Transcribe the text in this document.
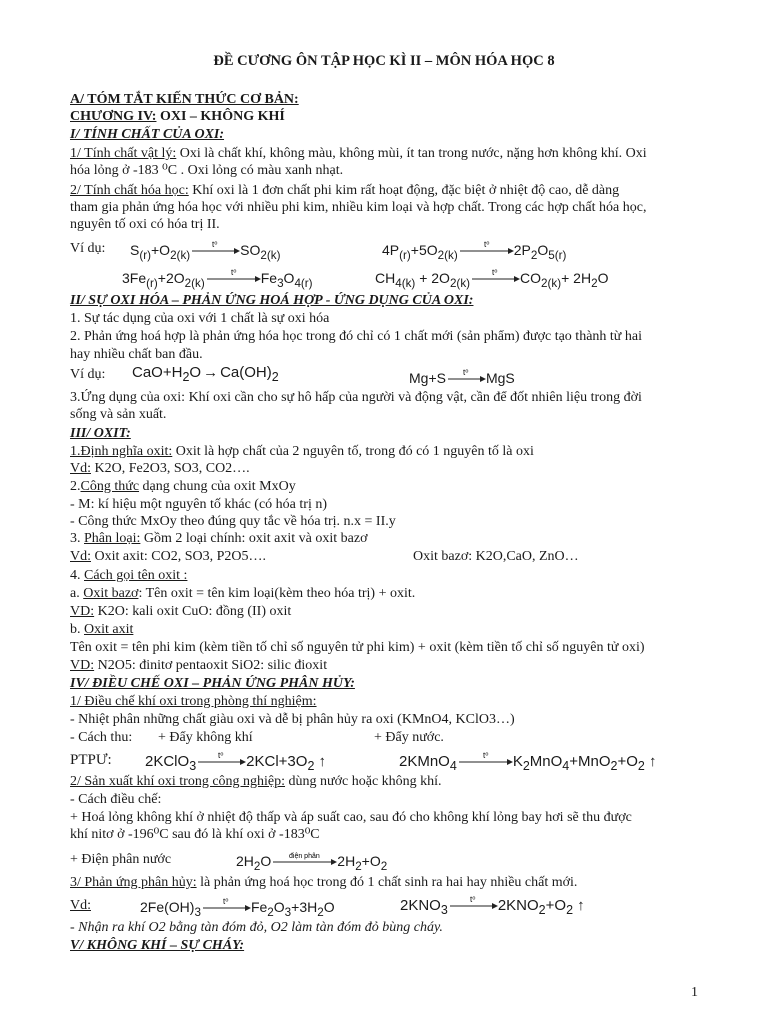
ĐỀ CƯƠNG ÔN TẬP HỌC KÌ II – MÔN HÓA HỌC 8
A/ TÓM TẮT KIẾN THỨC CƠ BẢN:
CHƯƠNG IV: OXI – KHÔNG KHÍ
I/ TÍNH CHẤT CỦA OXI:
1/ Tính chất vật lý: Oxi là chất khí, không màu, không mùi, ít tan trong nước, nặng hơn không khí. Oxi
hóa lỏng ở -183 ⁰C . Oxi lỏng có màu xanh nhạt.
2/ Tính chất hóa học: Khí oxi là 1 đơn chất phi kim rất hoạt động, đặc biệt ở nhiệt độ cao, dễ dàng
tham gia phản ứng hóa học với nhiều phi kim, nhiều kim loại và hợp chất. Trong các hợp chất hóa học,
nguyên tố oxi có hóa trị II.
Ví dụ: $S_{(r)}+O_{2(k)}$
t⁰ $SO_{2(k)}$	$4P_{(r)}+5O_{2(k)}$
t⁰ $2P_2O_{5(r)}$
$3Fe_{(r)}+2O_{2(k)}$
t⁰ $Fe_3O_{4(r)}$	$CH_{4(k)} + 2O_{2(k)}$
t⁰ $CO_{2(k)}+ 2H_2O$
II/ SỰ OXI HÓA – PHẢN ỨNG HOÁ HỢP - ỨNG DỤNG CỦA OXI:
1. Sự tác dụng của oxi với 1 chất là sự oxi hóa
2. Phản ứng hoá hợp là phản ứng hóa học trong đó chỉ có 1 chất mới (sản phẩm) được tạo thành từ hai
hay nhiều chất ban đầu.
Ví dụ: $CaO+H_2O \to Ca(OH)_2$	Mg+S t⁰ MgS
3.Ứng dụng của oxi: Khí oxi cần cho sự hô hấp của người và động vật, cần để đốt nhiên liệu trong đời
sống và sản xuất.
III/ OXIT:
1.Định nghĩa oxit: Oxit là hợp chất của 2 nguyên tố, trong đó có 1 nguyên tố là oxi
Vd: K2O, Fe2O3, SO3, CO2….
2.Công thức dạng chung của oxit MxOy
- M: kí hiệu một nguyên tố khác (có hóa trị n)
- Công thức MxOy theo đúng quy tắc về hóa trị. n.x = II.y
3. Phân loại: Gồm 2 loại chính: oxit axit và oxit bazơ
Vd: Oxit axit: CO2, SO3, P2O5….	Oxit bazơ: K2O,CaO, ZnO…
4. Cách gọi tên oxit :
a. Oxit bazơ: Tên oxit = tên kim loại(kèm theo hóa trị) + oxit.
VD: K2O: kali oxit CuO: đồng (II) oxit
b. Oxit axit
Tên oxit = tên phi kim (kèm tiền tố chỉ số nguyên tử phi kim) + oxit (kèm tiền tố chỉ số nguyên tử oxi)
VD: N2O5: đinitơ pentaoxit SiO2: silic đioxit
IV/ ĐIỀU CHẾ OXI – PHẢN ỨNG PHÂN HỦY:
1/ Điều chế khí oxi trong phòng thí nghiệm:
- Nhiệt phân những chất giàu oxi và dễ bị phân hủy ra oxi (KMnO4, KClO3…)
- Cách thu: + Đẩy không khí	+ Đẩy nước.
PTPƯ: 2KClO$_3$
t⁰ $2KCl+3O_2$ ↑	2KMnO$_4$
t⁰ $K_2MnO_4+MnO_2+O_2$ ↑
2/ Sản xuất khí oxi trong công nghiệp: dùng nước hoặc không khí.
- Cách điều chế:
+ Hoá lỏng không khí ở nhiệt độ thấp và áp suất cao, sau đó cho không khí lỏng bay hơi sẽ thu được
khí nitơ ở -196⁰C sau đó là khí oxi ở -183⁰C
+ Điện phân nước	$2H_2O$	điện phân $2H_2+O_2$
3/ Phản ứng phân hủy: là phản ứng hoá học trong đó 1 chất sinh ra hai hay nhiều chất mới.
Vd:	$2Fe(OH)_3$
t⁰ $Fe_2O_3+3H_2O$	$2KNO_3$
t⁰ $2KNO_2+O_2$ ↑
- Nhận ra khí O2 bằng tàn đóm đỏ, O2 làm tàn đóm đỏ bùng cháy.
V/ KHÔNG KHÍ – SỰ CHÁY:
1
